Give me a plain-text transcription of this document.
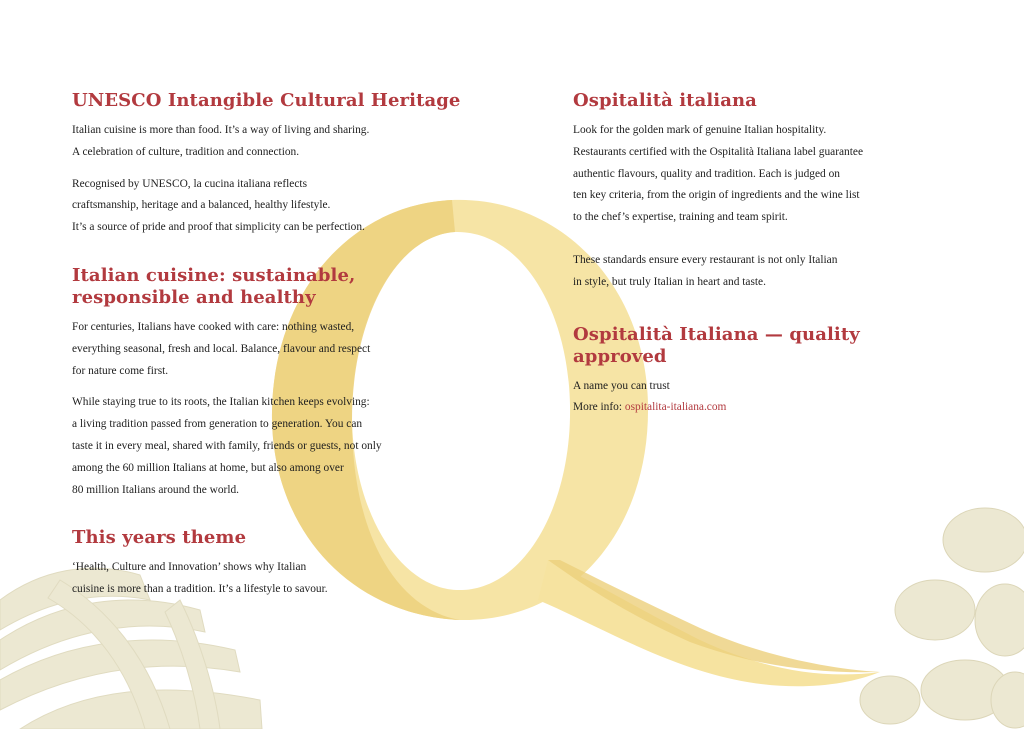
UNESCO Intangible Cultural Heritage

Italian cuisine is more than food. It’s a way of living and sharing.
A celebration of culture, tradition and connection.

Recognised by UNESCO, la cucina italiana reflects
craftsmanship, heritage and a balanced, healthy lifestyle.
It’s a source of pride and proof that simplicity can be perfection.

Italian cuisine: sustainable,
responsible and healthy

For centuries, Italians have cooked with care: nothing wasted,
everything seasonal, fresh and local. Balance, flavour and respect
for nature come first.

While staying true to its roots, the Italian kitchen keeps evolving:
a living tradition passed from generation to generation. You can
taste it in every meal, shared with family, friends or guests, not only
among the 60 million Italians at home, but also among over
80 million Italians around the world.

This years theme

‘Health, Culture and Innovation’ shows why Italian
cuisine is more than a tradition. It’s a lifestyle to savour.

Ospitalità italiana

Look for the golden mark of genuine Italian hospitality.
Restaurants certified with the Ospitalità Italiana label guarantee
authentic flavours, quality and tradition. Each is judged on
ten key criteria, from the origin of ingredients and the wine list
to the chef’s expertise, training and team spirit.

These standards ensure every restaurant is not only Italian
in style, but truly Italian in heart and taste.

Ospitalità Italiana — quality approved

A name you can trust

More info: ospitalita-italiana.com
